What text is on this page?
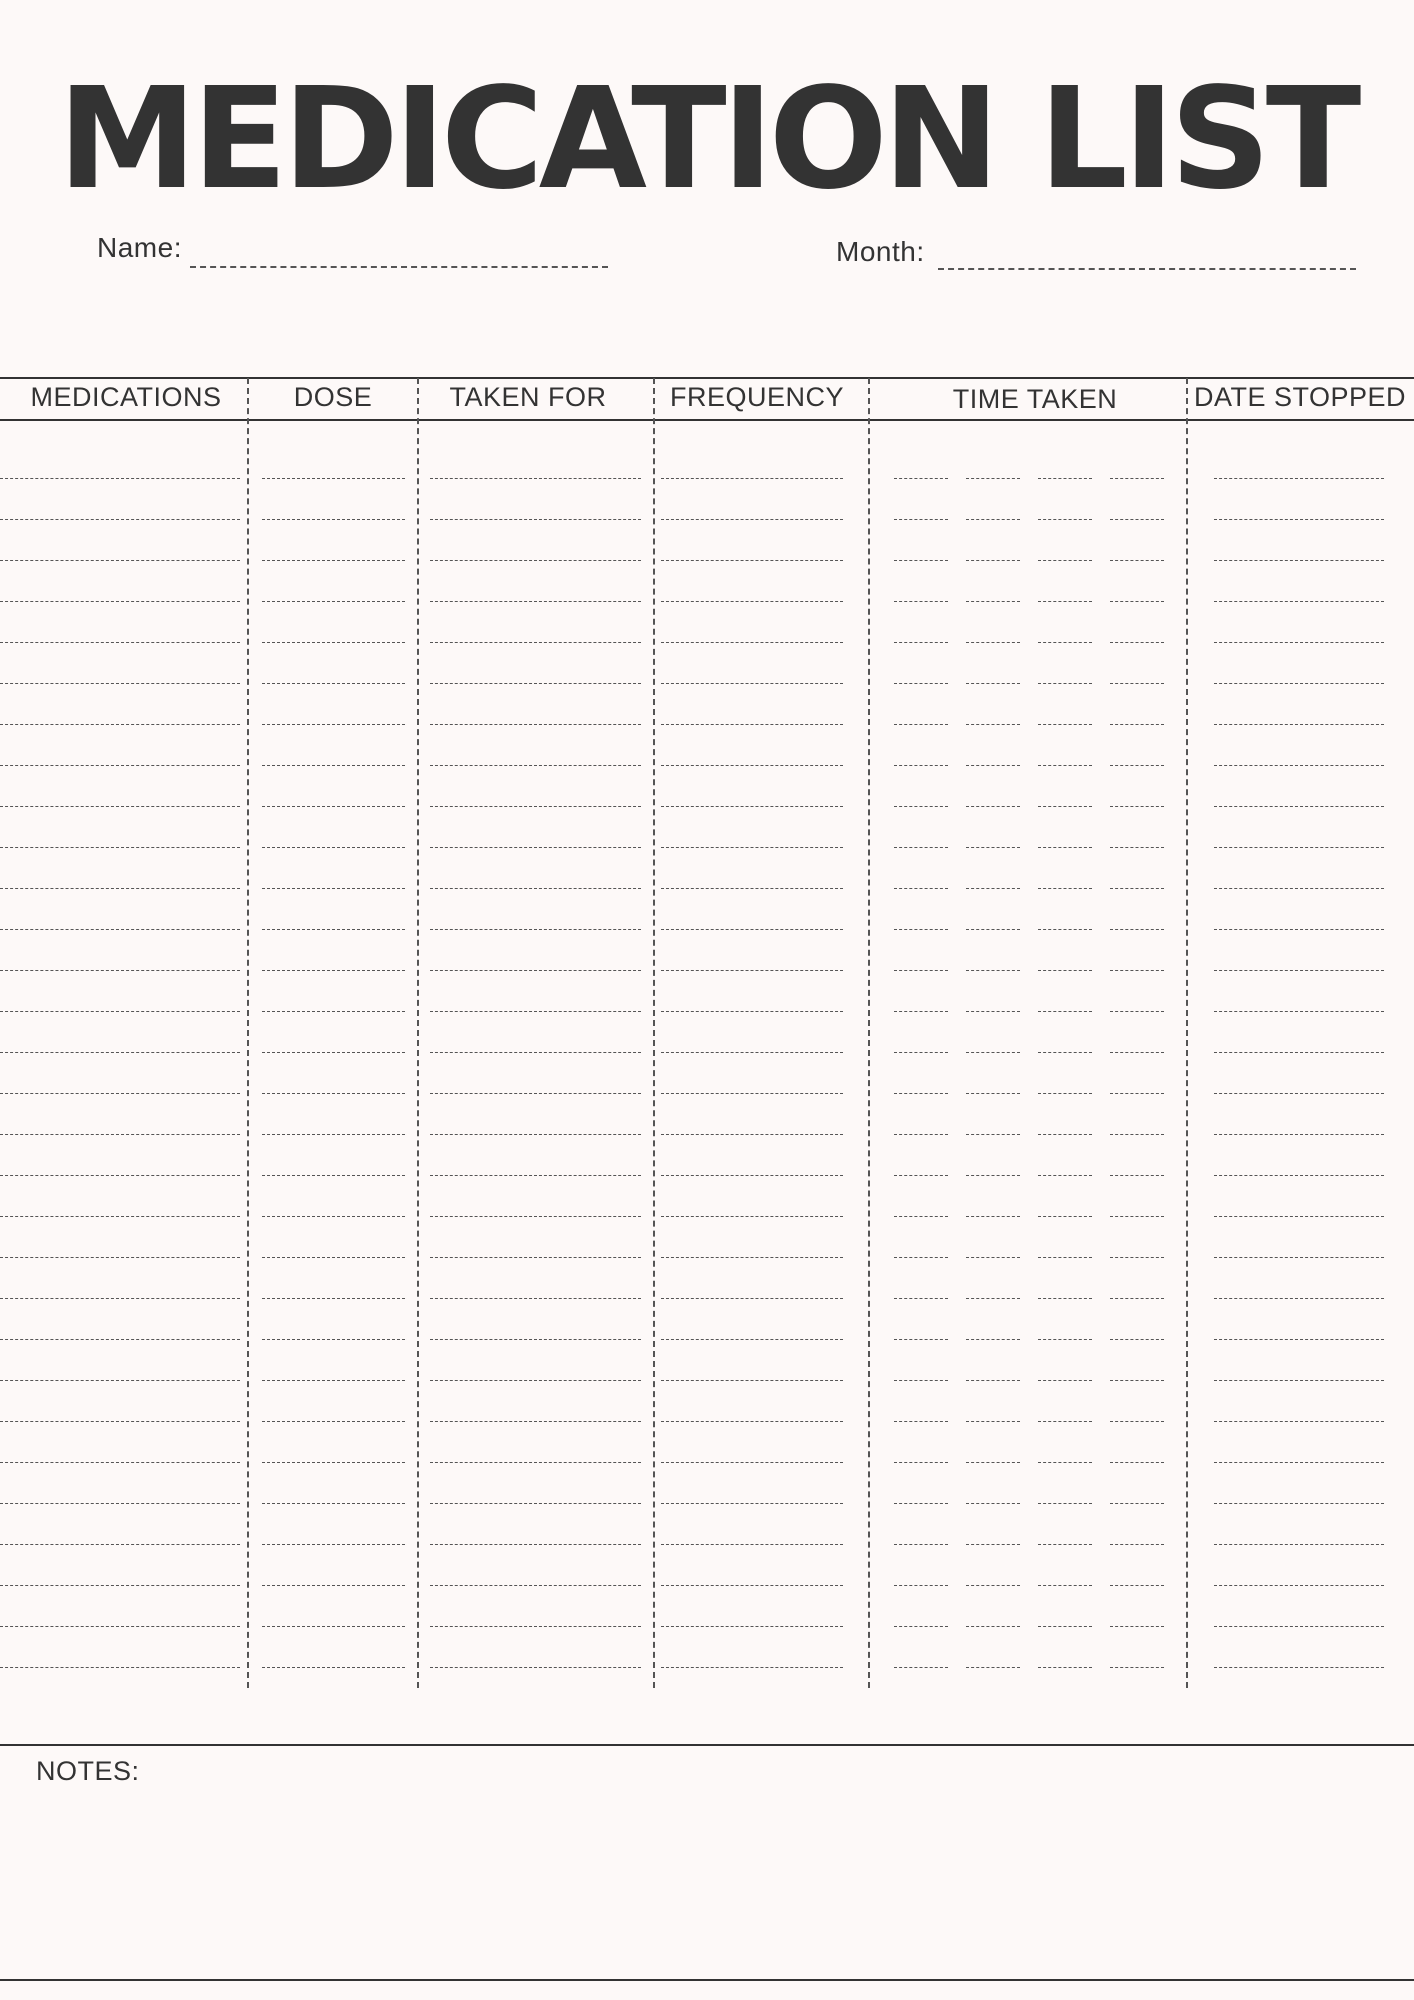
MEDICATION LIST
Name:	Month:
MEDICATIONS	DOSE	TAKEN FOR	FREQUENCY	TIME TAKEN	DATE STOPPED
NOTES:
